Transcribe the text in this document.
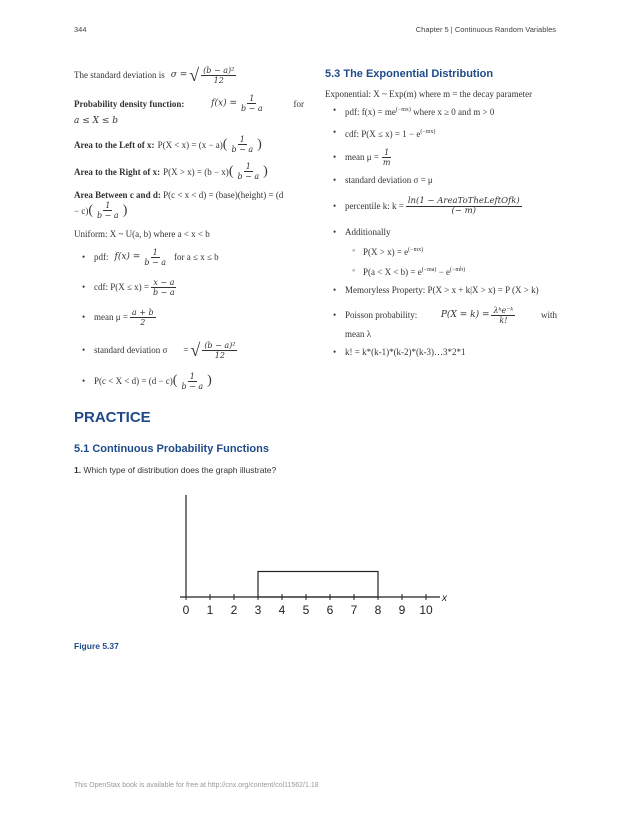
344	Chapter 5 | Continuous Random Variables
The standard deviation is σ = √ $\frac{\text{(b − a)²}}{12}$
Probability density function:	$f(x) = \frac{1}{b - a}$	for
a ≤ X ≤ b
Area to the Left of x: P(X < x) = (x − a) ( $\frac{1}{b - a}$ )
Area to the Right of x: P(X > x) = (b − x) ( $\frac{1}{b - a}$ )
Area Between c and d: P(c < x < d) = (base)(height) = (d
− c) ( $\frac{1}{b - a}$ )
Uniform: X ~ U(a, b) where a < x < b
• pdf: $f(x) = \frac{1}{b - a}$ for a ≤ x ≤ b
• cdf: $P(X \le x) = \frac{x - a}{b - a}$
• mean $\mu = \frac{a + b}{2}$
• standard deviation σ = √ $\frac{\text{(b − a)²}}{12}$
• P(c < X < d) = (d − c) ( $\frac{1}{b - a}$ )
5.3 The Exponential Distribution
Exponential: X ~ Exp(m) where m = the decay parameter
• pdf: $f(x) = me^{(-mx)}$ where x ≥ 0 and m > 0
• cdf: $P(X \le x) = 1 - e^{(-mx)}$
• mean $\mu = \frac{1}{m}$
• standard deviation σ = μ
• percentile k: $k = \frac{\text{ln(1 − AreaToTheLeftOfk)}}{(- m)}$
• Additionally
◦ $P(X > x) = e^{(-mx)}$
◦ $P(a < X < b) = e^{(-ma)} - e^{(-mb)}$
• Memoryless Property: P(X > x + k|X > x) = P (X > k)
• Poisson probability:	$P(X = k) = \frac{\text{λᵏe⁻ᵏ}}{k!}$	with
mean λ
• k! = k*(k-1)*(k-2)*(k-3)…3*2*1
PRACTICE
5.1 Continuous Probability Functions
1. Which type of distribution does the graph illustrate?
0 1 2 3 4 5 6 7 8 9 10
x
Figure 5.37
This OpenStax book is available for free at http://cnx.org/content/col11562/1.18
